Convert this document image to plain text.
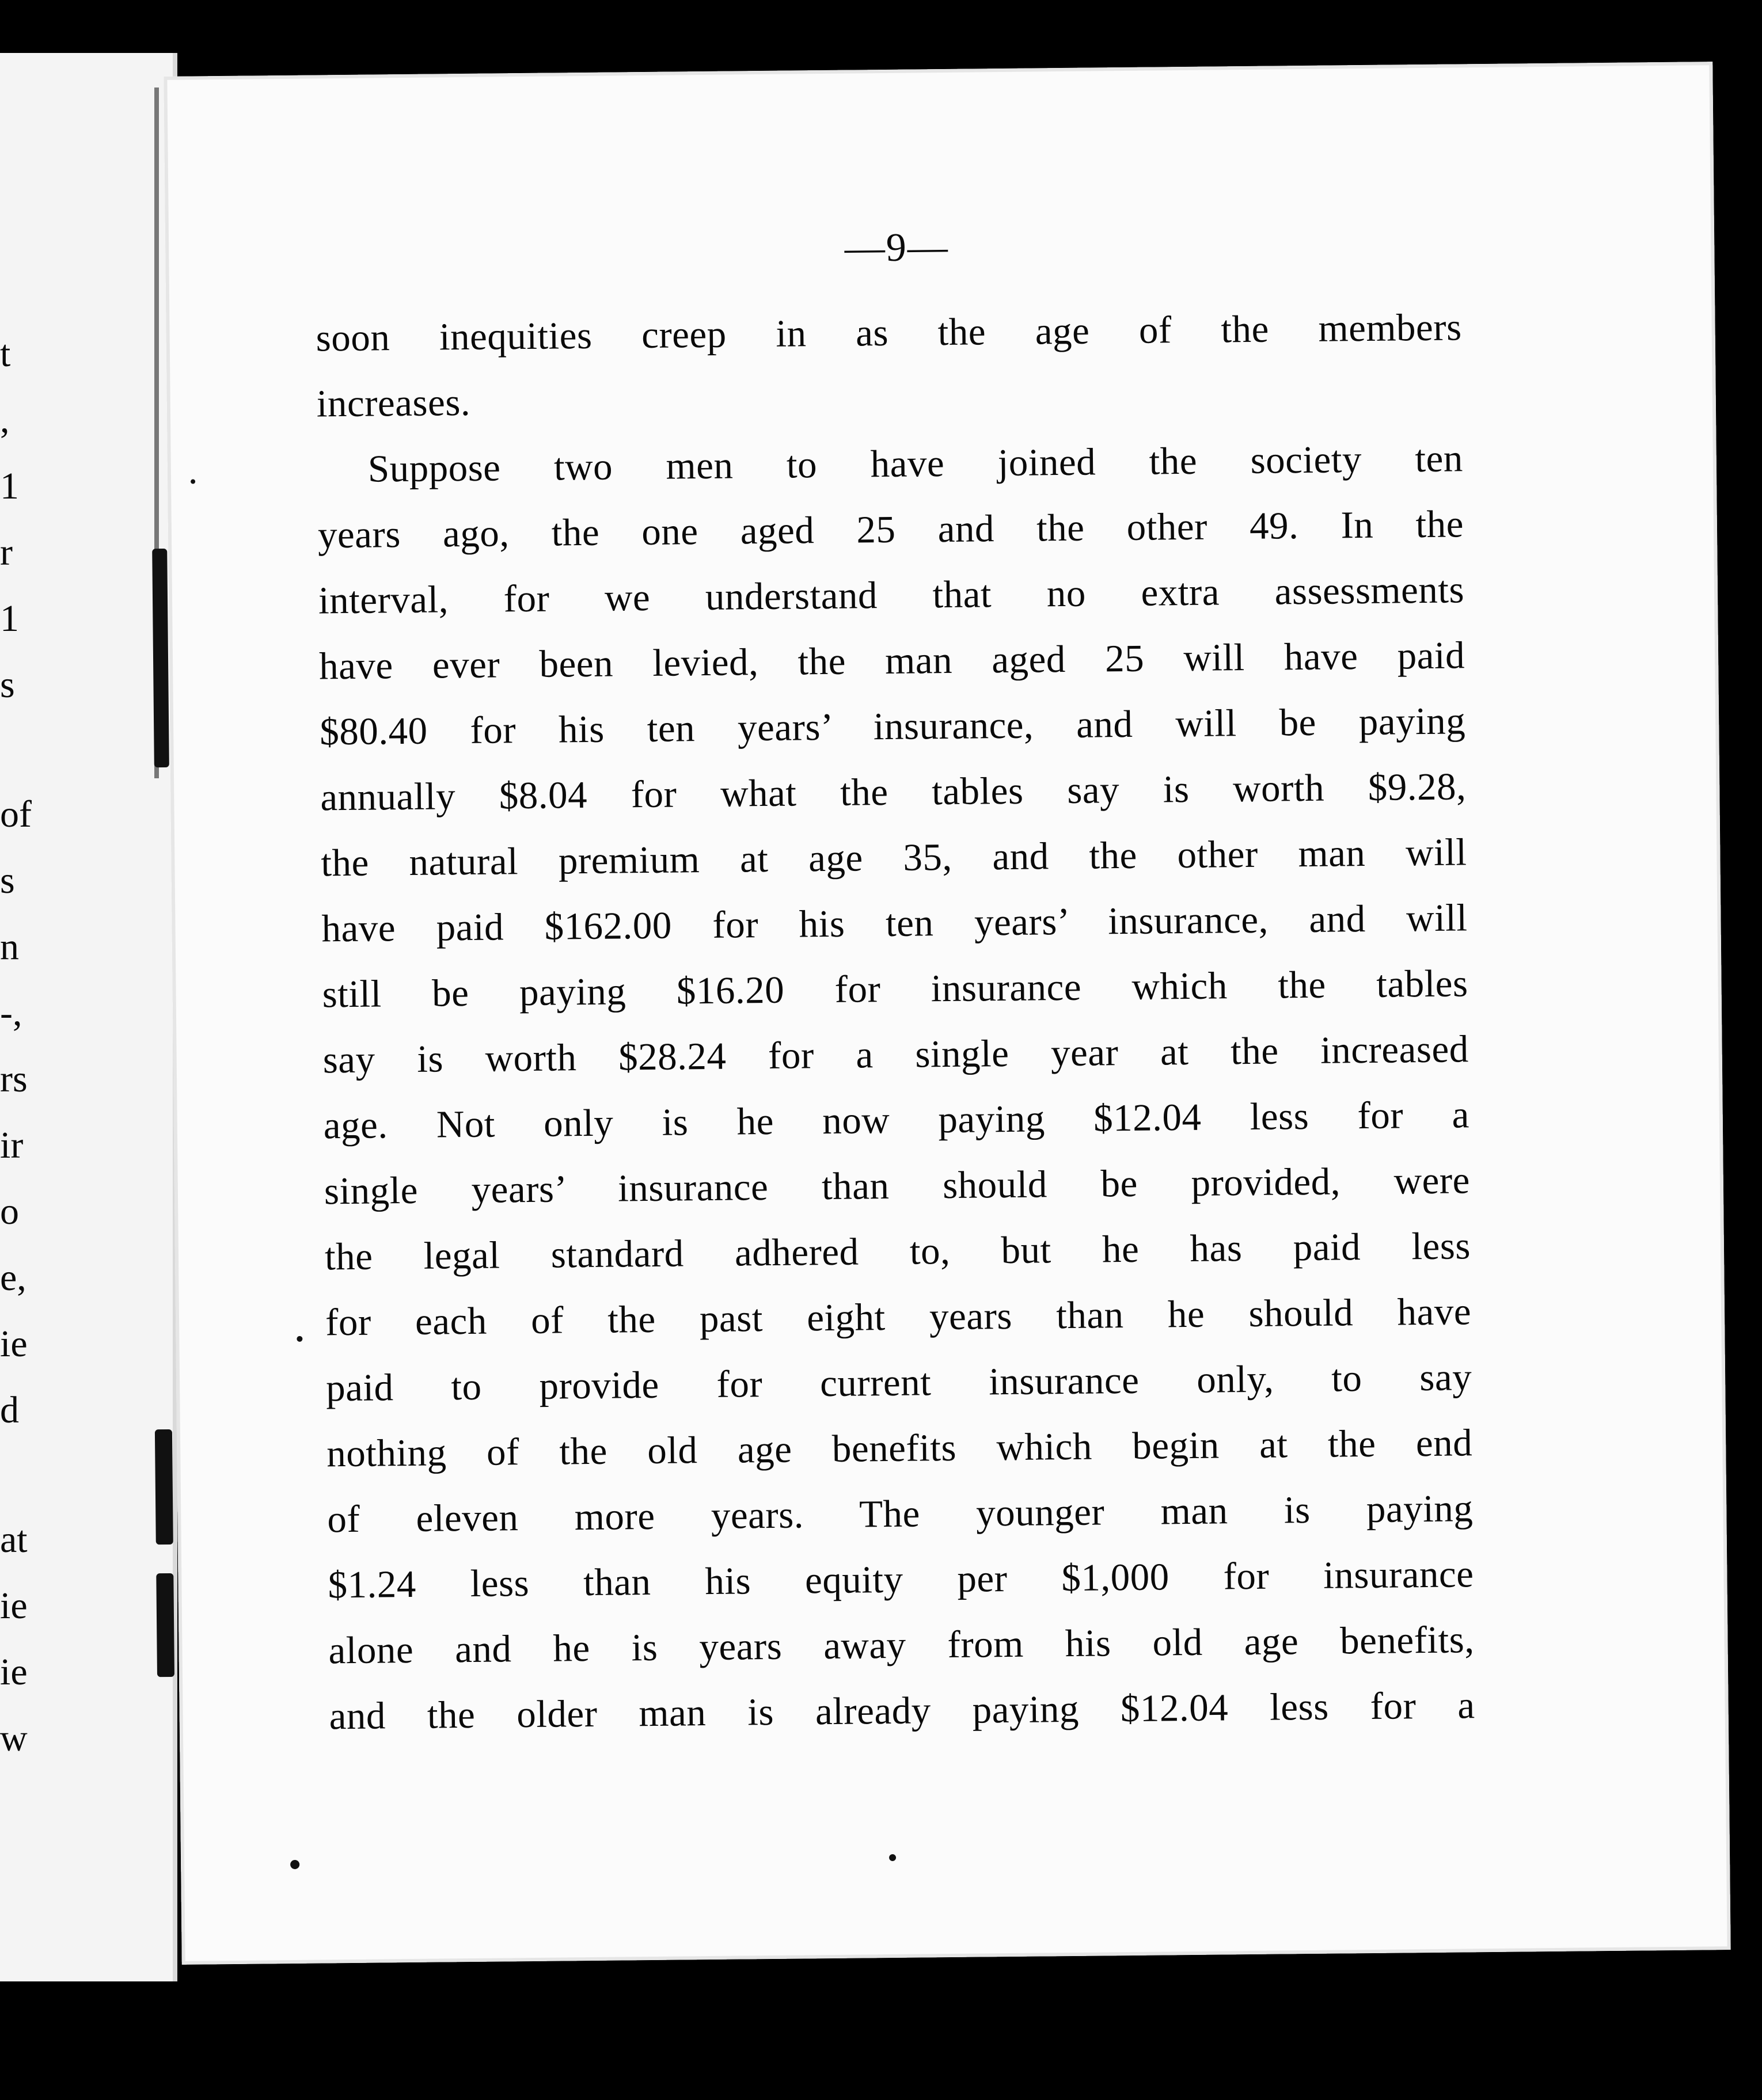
t
,
1
r
1
s
of
s
n
-,
rs
ir
o
e,
ie
d
at
ie
ie
w
—9—
soon inequities creep in as the age of the members
increases.
Suppose two men to have joined the society ten
years ago, the one aged 25 and the other 49. In the
interval, for we understand that no extra assessments
have ever been levied, the man aged 25 will have paid
$80.40 for his ten years’ insurance, and will be paying
annually $8.04 for what the tables say is worth $9.28,
the natural premium at age 35, and the other man will
have paid $162.00 for his ten years’ insurance, and will
still be paying $16.20 for insurance which the tables
say is worth $28.24 for a single year at the increased
age. Not only is he now paying $12.04 less for a
single years’ insurance than should be provided, were
the legal standard adhered to, but he has paid less
for each of the past eight years than he should have
paid to provide for current insurance only, to say
nothing of the old age benefits which begin at the end
of eleven more years. The younger man is paying
$1.24 less than his equity per $1,000 for insurance
alone and he is years away from his old age benefits,
and the older man is already paying $12.04 less for a
